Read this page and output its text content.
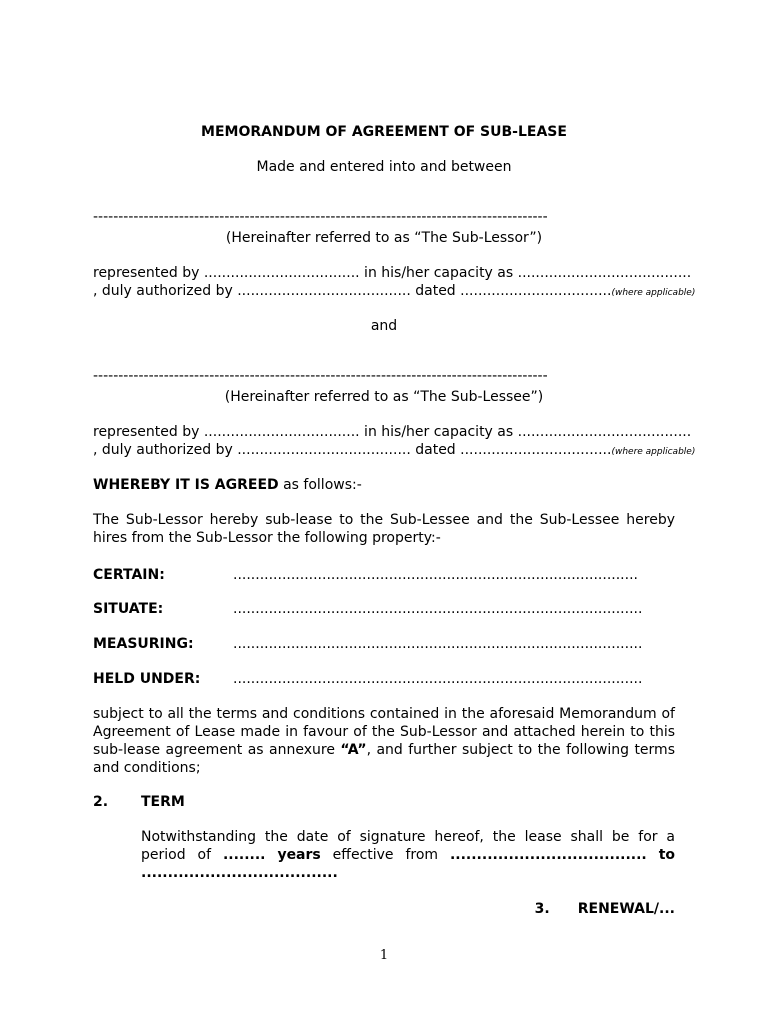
MEMORANDUM OF AGREEMENT OF SUB-LEASE
Made and entered into and between
------------------------------------------------------------------------------------------
(Hereinafter referred to as “The Sub-Lessor”)
represented by ................................... in his/her capacity as .......................................
, duly authorized by ....................................... dated ..................................(where applicable)
and
------------------------------------------------------------------------------------------
(Hereinafter referred to as “The Sub-Lessee”)
represented by ................................... in his/her capacity as .......................................
, duly authorized by ....................................... dated ..................................(where applicable)
WHEREBY IT IS AGREED as follows:-
The Sub-Lessor hereby sub-lease to the Sub-Lessee and the Sub-Lessee hereby hires from the Sub-Lessor the following property:-
CERTAIN:	...........................................................................................
SITUATE:	............................................................................................
MEASURING:	............................................................................................
HELD UNDER: ............................................................................................
subject to all the terms and conditions contained in the aforesaid Memorandum of Agreement of Lease made in favour of the Sub-Lessor and attached herein to this sub-lease agreement as annexure “A”, and further subject to the following terms and conditions;
2. TERM
Notwithstanding the date of signature hereof, the lease shall be for a period of ........ years effective from ..................................... to .....................................
3. RENEWAL/...
1
